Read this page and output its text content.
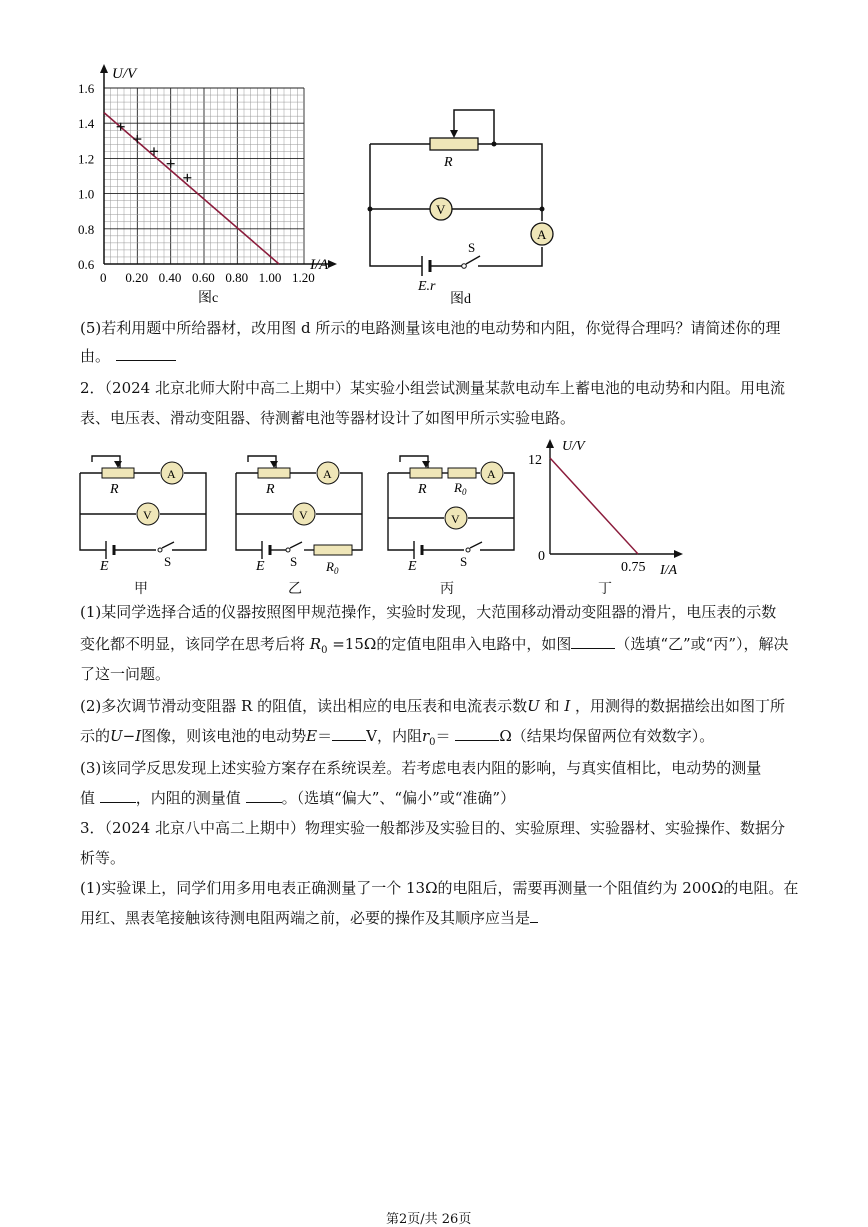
U/V
I/A
1.6
1.4
1.2
1.0
0.8
0.6
0 0.20 0.40 0.60 0.80 1.00 1.20
图c
V
A
R
E.r
S
图d
(5)若利用题中所给器材，改用图 d 所示的电路测量该电池的电动势和内阻，你觉得合理吗？请简述你的理
由。
2．（2024 北京北师大附中高二上期中）某实验小组尝试测量某款电动车上蓄电池的电动势和内阻。用电流
表、电压表、滑动变阻器、待测蓄电池等器材设计了如图甲所示实验电路。
A
V
R
E	S
甲
A
V
R
E S $R_0$
乙
A
V
R $R_0$
E	S
丙
U/V
12
0
0.75 I/A
丁
(1)某同学选择合适的仪器按照图甲规范操作，实验时发现，大范围移动滑动变阻器的滑片，电压表的示数
变化都不明显，该同学在思考后将 $R_0 =15\Omega$的定值电阻串入电路中，如图	（选填“乙”或“丙”），解决
了这一问题。
(2)多次调节滑动变阻器 R 的阻值，读出相应的电压表和电流表示数U 和 I ，用测得的数据描绘出如图丁所
示的U−I图像，则该电池的电动势E＝ V，内阻$r_0=$	Ω（结果均保留两位有效数字）。
(3)该同学反思发现上述实验方案存在系统误差。若考虑电表内阻的影响，与真实值相比，电动势的测量
值	，内阻的测量值	。（选填“偏大”、“偏小”或“准确”）
3．（2024 北京八中高二上期中）物理实验一般都涉及实验目的、实验原理、实验器材、实验操作、数据分
析等。
(1)实验课上，同学们用多用电表正确测量了一个 13Ω的电阻后，需要再测量一个阻值约为 200Ω的电阻。在
用红、黑表笔接触该待测电阻两端之前，必要的操作及其顺序应当是
第2页/共 26页
